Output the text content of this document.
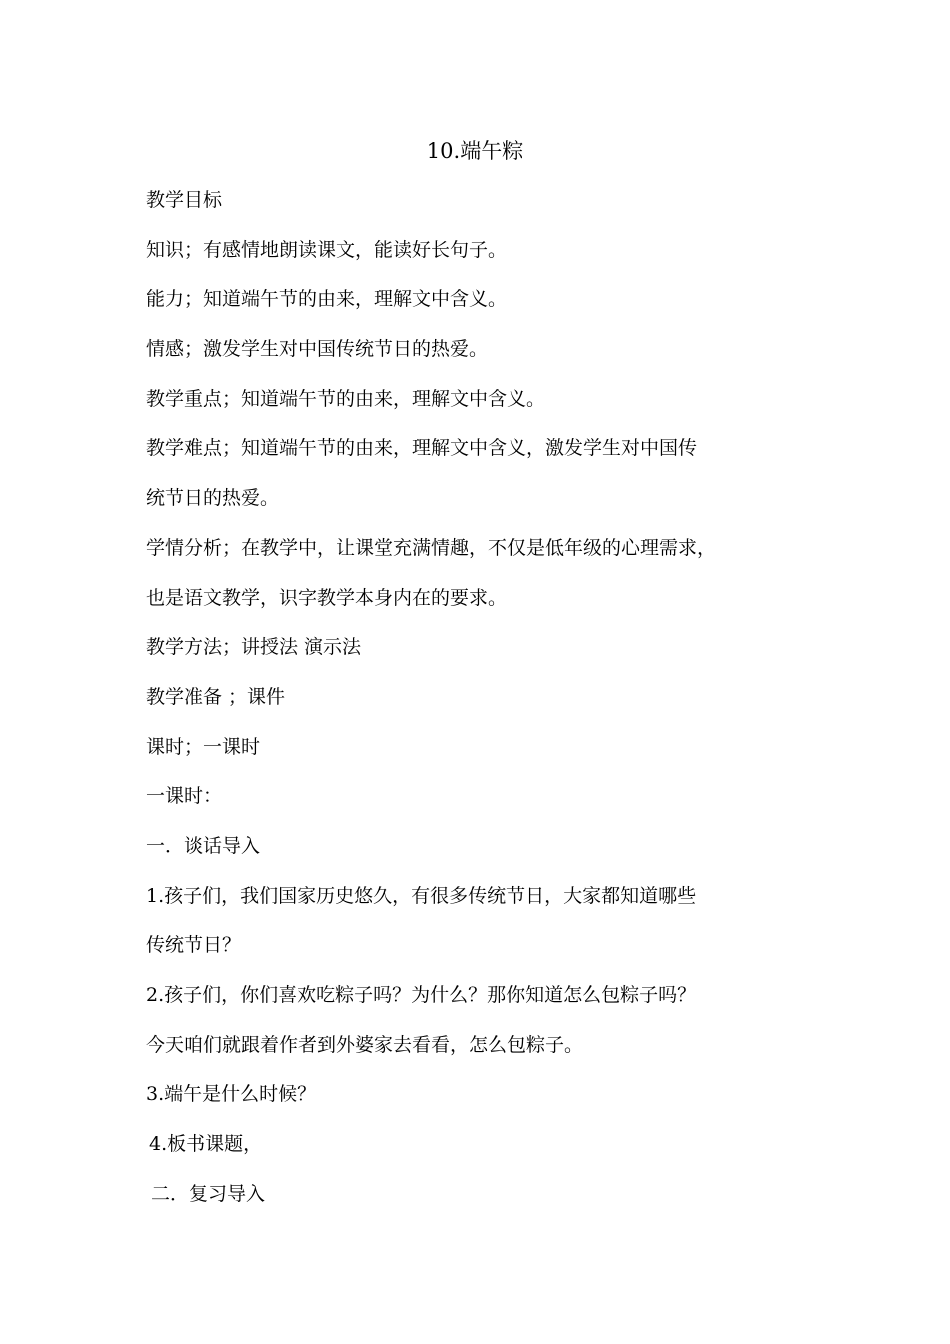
10.端午粽
教学目标
知识；有感情地朗读课文，能读好长句子。
能力；知道端午节的由来，理解文中含义。
情感；激发学生对中国传统节日的热爱。
教学重点；知道端午节的由来，理解文中含义。
教学难点；知道端午节的由来，理解文中含义，激发学生对中国传
统节日的热爱。
学情分析；在教学中，让课堂充满情趣，不仅是低年级的心理需求，
也是语文教学，识字教学本身内在的要求。
教学方法；讲授法 演示法
教学准备 ；课件
课时；一课时
一课时：
一．谈话导入
1.孩子们，我们国家历史悠久，有很多传统节日，大家都知道哪些
传统节日？
2.孩子们，你们喜欢吃粽子吗？为什么？那你知道怎么包粽子吗？
今天咱们就跟着作者到外婆家去看看，怎么包粽子。
3.端午是什么时候？
4.板书课题，
二．复习导入
